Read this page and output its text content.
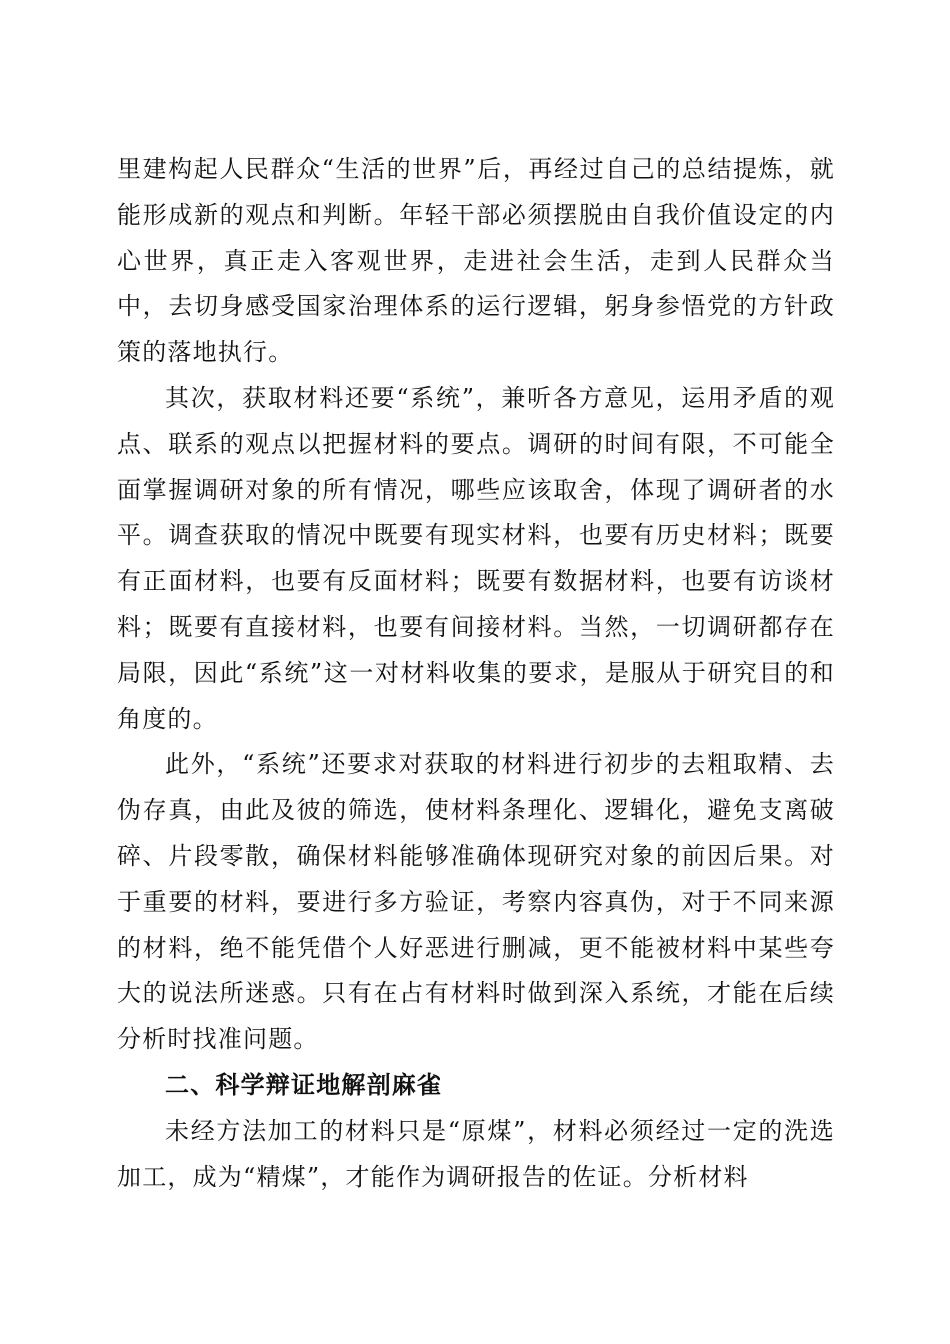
里建构起人民群众“生活的世界”后，再经过自己的总结提炼，就能形成新的观点和判断。年轻干部必须摆脱由自我价值设定的内心世界，真正走入客观世界，走进社会生活，走到人民群众当中，去切身感受国家治理体系的运行逻辑，躬身参悟党的方针政策的落地执行。

其次，获取材料还要“系统”，兼听各方意见，运用矛盾的观点、联系的观点以把握材料的要点。调研的时间有限，不可能全面掌握调研对象的所有情况，哪些应该取舍，体现了调研者的水平。调查获取的情况中既要有现实材料，也要有历史材料；既要有正面材料，也要有反面材料；既要有数据材料，也要有访谈材料；既要有直接材料，也要有间接材料。当然，一切调研都存在局限，因此“系统”这一对材料收集的要求，是服从于研究目的和角度的。

此外，“系统”还要求对获取的材料进行初步的去粗取精、去伪存真，由此及彼的筛选，使材料条理化、逻辑化，避免支离破碎、片段零散，确保材料能够准确体现研究对象的前因后果。对于重要的材料，要进行多方验证，考察内容真伪，对于不同来源的材料，绝不能凭借个人好恶进行删减，更不能被材料中某些夸大的说法所迷惑。只有在占有材料时做到深入系统，才能在后续分析时找准问题。

二、科学辩证地解剖麻雀

未经方法加工的材料只是“原煤”，材料必须经过一定的洗选加工，成为“精煤”，才能作为调研报告的佐证。分析材料
